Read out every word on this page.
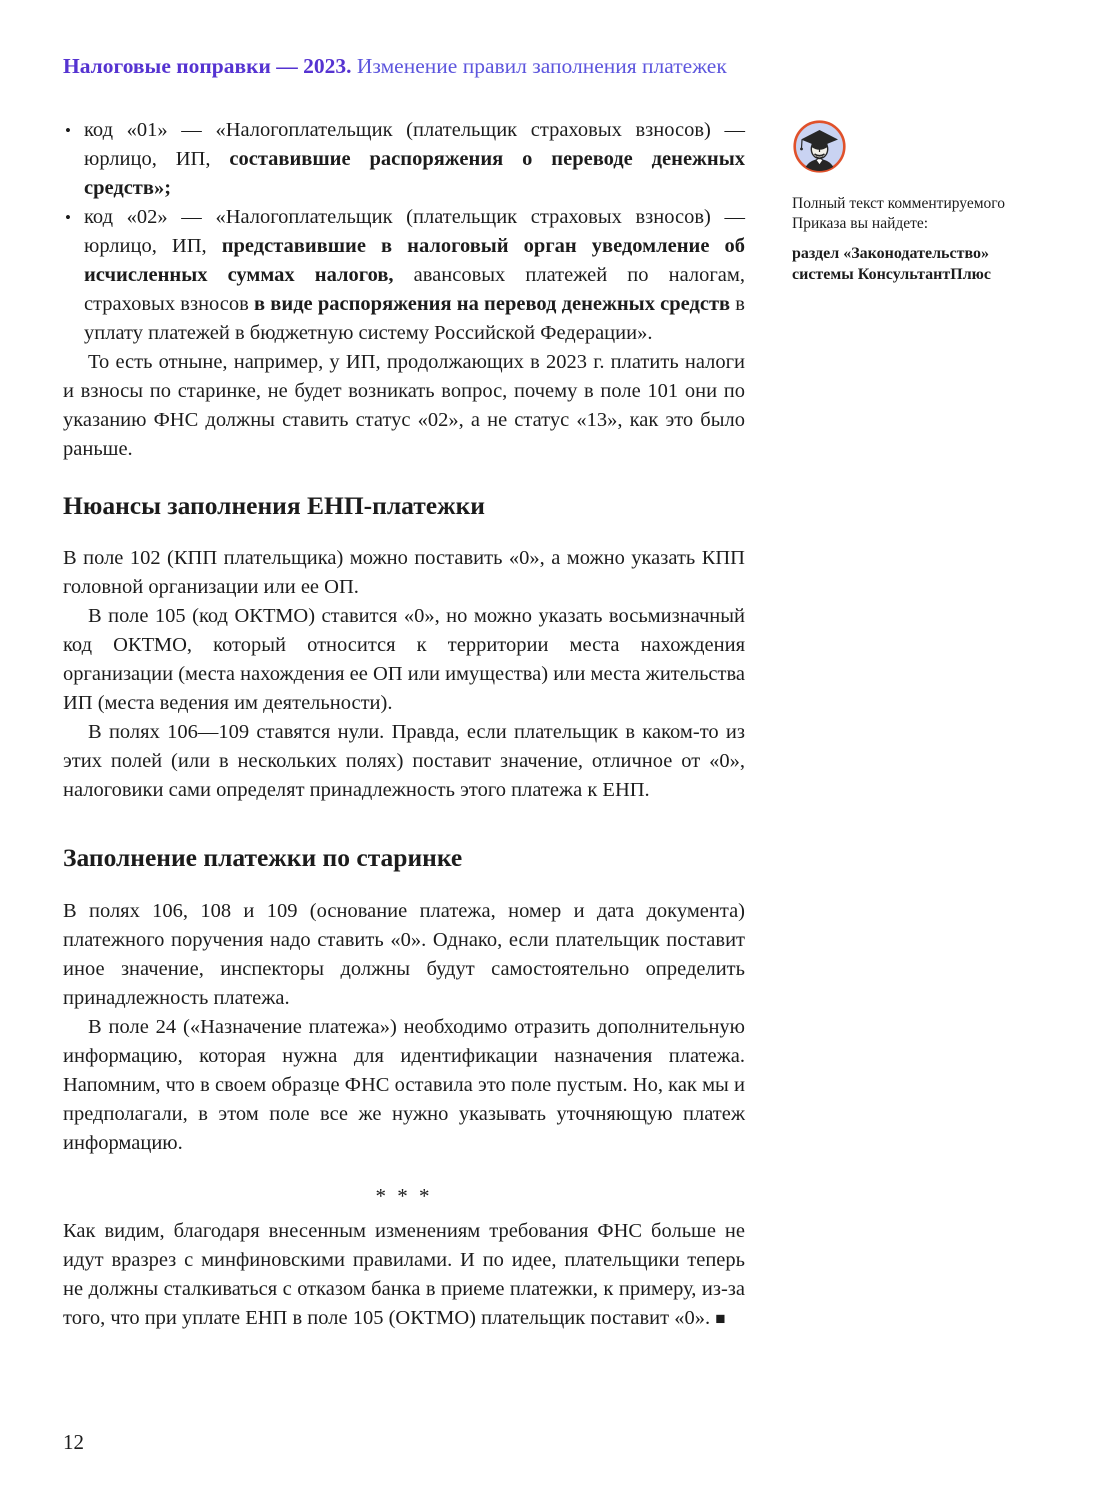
Налоговые поправки — 2023. Изменение правил заполнения платежек
• код «01» — «Налогоплательщик (плательщик страховых взносов) — юрлицо, ИП, составившие распоряжения о переводе денежных средств»;
• код «02» — «Налогоплательщик (плательщик страховых взносов) — юрлицо, ИП, представившие в налоговый орган уведомление об исчисленных суммах налогов, авансовых платежей по налогам, страховых взносов в виде распоряжения на перевод денежных средств в уплату платежей в бюджетную систему Российской Федерации».

То есть отныне, например, у ИП, продолжающих в 2023 г. платить налоги и взносы по старинке, не будет возникать вопрос, почему в поле 101 они по указанию ФНС должны ставить статус «02», а не статус «13», как это было раньше.

Нюансы заполнения ЕНП-платежки

В поле 102 (КПП плательщика) можно поставить «0», а можно указать КПП головной организации или ее ОП.

В поле 105 (код ОКТМО) ставится «0», но можно указать восьмизначный код ОКТМО, который относится к территории места нахождения организации (места нахождения ее ОП или имущества) или места жительства ИП (места ведения им деятельности).

В полях 106—109 ставятся нули. Правда, если плательщик в каком-то из этих полей (или в нескольких полях) поставит значение, отличное от «0», налоговики сами определят принадлежность этого платежа к ЕНП.

Заполнение платежки по старинке

В полях 106, 108 и 109 (основание платежа, номер и дата документа) платежного поручения надо ставить «0». Однако, если плательщик поставит иное значение, инспекторы должны будут самостоятельно определить принадлежность платежа.

В поле 24 («Назначение платежа») необходимо отразить дополнительную информацию, которая нужна для идентификации назначения платежа. Напомним, что в своем образце ФНС оставила это поле пустым. Но, как мы и предполагали, в этом поле все же нужно указывать уточняющую платеж информацию.

* * *

Как видим, благодаря внесенным изменениям требования ФНС больше не идут вразрез с минфиновскими правилами. И по идее, плательщики теперь не должны сталкиваться с отказом банка в приеме платежки, к примеру, из-за того, что при уплате ЕНП в поле 105 (ОКТМО) плательщик поставит «0». ■

Полный текст комментируемого Приказа вы найдете:

раздел «Законодательство» системы КонсультантПлюс

12
